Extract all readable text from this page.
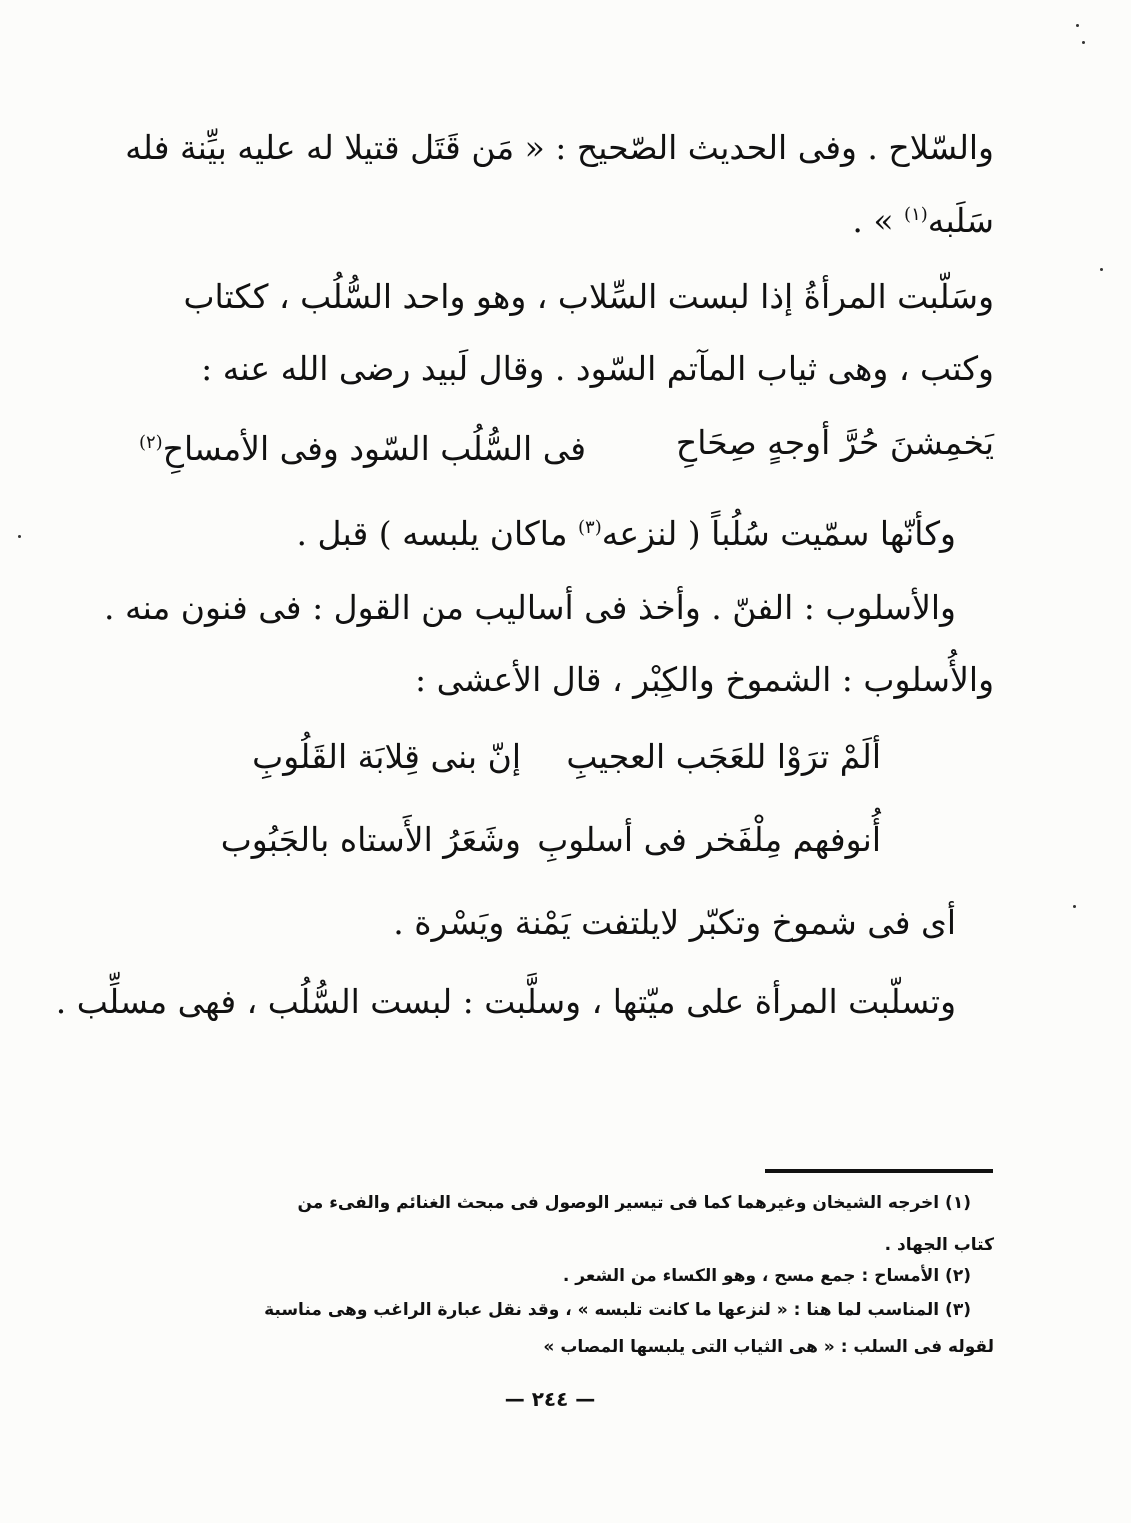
والسّلاح . وفى الحديث الصّحيح : « مَن قَتَل قتيلا له عليه بيِّنة فله
سَلَبه$^{(١)}$ » .
وسَلّبت المرأةُ إذا لبست السِّلاب ، وهو واحد السُّلُب ، ككتاب
وكتب ، وهى ثياب المآتم السّود . وقال لَبيد رضى الله عنه :
يَخمِشنَ حُرَّ أوجهٍ صِحَاحِ
فى السُّلُب السّود وفى الأمساحِ$^{(٢)}$
وكأنّها سمّيت سُلُباً ( لنزعه$^{(٣)}$ ماكان يلبسه ) قبل .
والأسلوب : الفنّ . وأخذ فى أساليب من القول : فى فنون منه .
والأُسلوب : الشموخ والكِبْر ، قال الأعشى :
ألَمْ ترَوْا للعَجَب العجيبِ
إنّ بنى قِلابَة القَلُوبِ
أُنوفهم مِلْفَخر فى أسلوبِ
وشَعَرُ الأَستاه بالجَبُوب
أى فى شموخ وتكبّر لايلتفت يَمْنة ويَسْرة .
وتسلّبت المرأة على ميّتها ، وسلَّبت : لبست السُّلُب ، فهى مسلِّب .
(١) اخرجه الشيخان وغيرهما كما فى تيسير الوصول فى مبحث الغنائم والفىء من
كتاب الجهاد .
(٢) الأمساح : جمع مسح ، وهو الكساء من الشعر .
(٣) المناسب لما هنا : « لنزعها ما كانت تلبسه » ، وقد نقل عبارة الراغب وهى مناسبة
لقوله فى السلب : « هى الثياب التى يلبسها المصاب »
— ٢٤٤ —
